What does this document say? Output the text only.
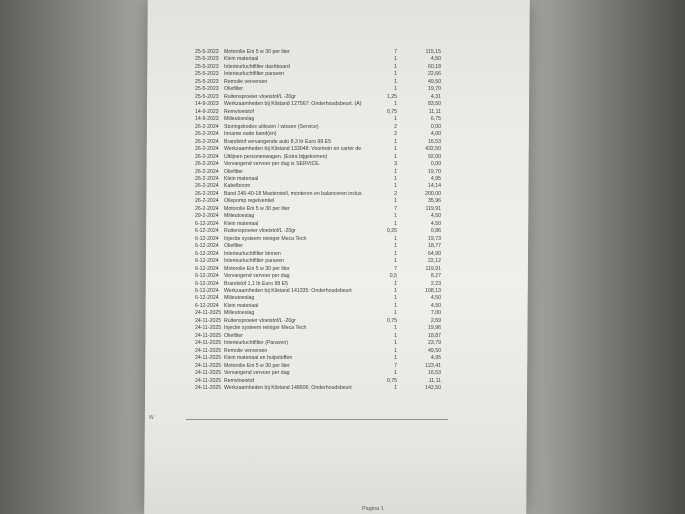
25-5-2023 Motorolie Eni 5 w 30 per liter	7	115,15
25-5-2023 Klein materiaal	1	4,50
25-5-2023 Interieurluchtfilter dashboard	1	60,18
25-5-2023 Interieurluchtfilter paraven	1	22,66
25-5-2023 Remolie verversen	1	49,50
25-5-2023 Oliefilter	1	19,70
25-5-2023 Ruitensproeier vloeistof/L -20gr	1,25	4,31
14-9-2023 Werkzaamheden bij Kilstand 127567: Onderhoudsbeurt. (A)	1	83,50
14-9-2023 Remvloeistof	0,75	11,11
14-9-2023 Milieutoeslag	1	6,75
26-2-2024 Storingskodes uitlezen / wissen (Service)	2	0,00
26-2-2024 Inname oude band(en)	2	4,00
26-2-2024 Brandstof vervangende auto 8,3 ltr Euro 98 E5	1	16,53
26-2-2024 Werkzaamheden bij Kilstand 133048: Voortrein en carter de	1	432,50
26-2-2024 Uitlijnen personenwagen. (Extra bijgekomen)	1	92,00
26-2-2024 Vervangend vervoer per dag is SERVICE.	3	0,00
26-2-2024 Oliefilter	1	19,70
26-2-2024 Klein materiaal	1	4,95
26-2-2024 Kabelboom	1	14,14
26-2-2024 Band 245-40-18 Masterstell, monteren en balanceren inclus	2	200,00
26-2-2024 Oliepomp regelventiel	1	35,96
26-2-2024 Motorolie Eni 5 w 30 per liter	7	119,91
29-2-2024 Milieutoeslag	1	4,50
6-12-2024 Klein materiaal	1	4,50
6-12-2024 Ruitensproeier vloeistof/L -20gr	0,25	0,86
6-12-2024 Injectie systeem reiniger Meca Tech	1	19,73
6-12-2024 Oliefilter	1	18,77
6-12-2024 Interieurluchtfilter binnen	1	64,90
6-12-2024 Interieurluchtfilter paraven	1	22,12
6-12-2024 Motorolie Eni 5 w 30 per liter	7	119,91
6-12-2024 Vervangend vervoer per dag	0,5	8,27
6-12-2024 Brandstof 1,1 ltr Euro 98 E5	1	2,23
6-12-2024 Werkzaamheden bij Kilstand 141335: Onderhoudsbeurt	1	108,13
6-12-2024 Milieutoeslag	1	4,50
6-12-2024 Klein materiaal	1	4,50
24-11-2025 Milieutoeslag	1	7,00
24-11-2025 Ruitensproeier vloeistof/L -20gr	0,75	2,59
24-11-2025 Injectie systeem reiniger Meca Tech	1	19,96
24-11-2025 Oliefilter	1	18,87
24-11-2025 Interieurluchtfilter (Paraven)	1	23,79
24-11-2025 Remolie verversen	1	49,50
24-11-2025 Klein materiaal en hulpstoffen	1	4,95
24-11-2025 Motorolie Eni 5 w 30 per liter	7	123,41
24-11-2025 Vervangend vervoer per dag	1	16,53
24-11-2025 Remvloeistof	0,75	11,11
24-11-2025 Werkzaamheden bij Kilstand 148606: Onderhoudsbeurt	1	142,50
W
Pagina 1
